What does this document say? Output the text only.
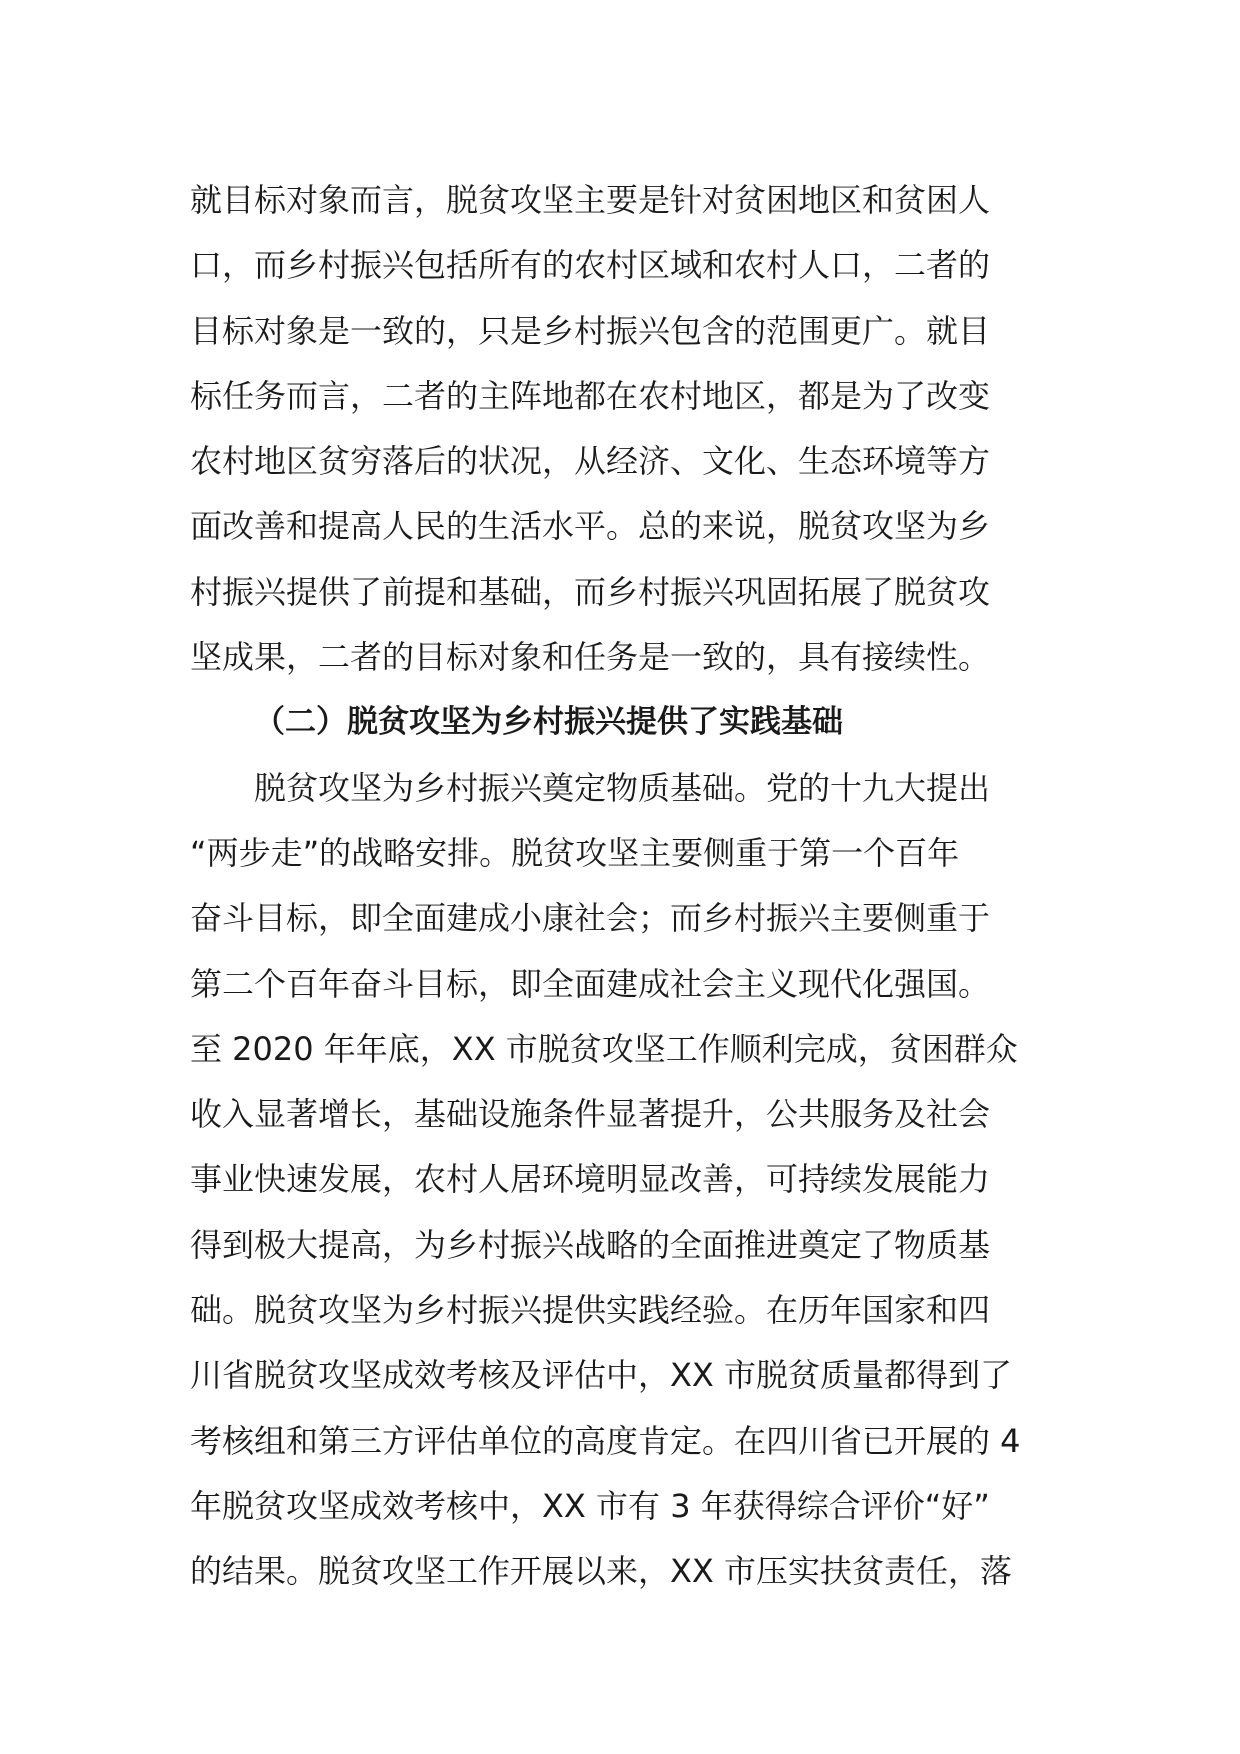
就目标对象而言，脱贫攻坚主要是针对贫困地区和贫困人
口，而乡村振兴包括所有的农村区域和农村人口，二者的
目标对象是一致的，只是乡村振兴包含的范围更广。就目
标任务而言，二者的主阵地都在农村地区，都是为了改变
农村地区贫穷落后的状况，从经济、文化、生态环境等方
面改善和提高人民的生活水平。总的来说，脱贫攻坚为乡
村振兴提供了前提和基础，而乡村振兴巩固拓展了脱贫攻
坚成果，二者的目标对象和任务是一致的，具有接续性。
（二）脱贫攻坚为乡村振兴提供了实践基础
脱贫攻坚为乡村振兴奠定物质基础。党的十九大提出
“两步走”的战略安排。脱贫攻坚主要侧重于第一个百年
奋斗目标，即全面建成小康社会；而乡村振兴主要侧重于
第二个百年奋斗目标，即全面建成社会主义现代化强国。
至 2020 年年底，XX 市脱贫攻坚工作顺利完成，贫困群众
收入显著增长，基础设施条件显著提升，公共服务及社会
事业快速发展，农村人居环境明显改善，可持续发展能力
得到极大提高，为乡村振兴战略的全面推进奠定了物质基
础。脱贫攻坚为乡村振兴提供实践经验。在历年国家和四
川省脱贫攻坚成效考核及评估中，XX 市脱贫质量都得到了
考核组和第三方评估单位的高度肯定。在四川省已开展的 4
年脱贫攻坚成效考核中，XX 市有 3 年获得综合评价“好”
的结果。脱贫攻坚工作开展以来，XX 市压实扶贫责任，落
